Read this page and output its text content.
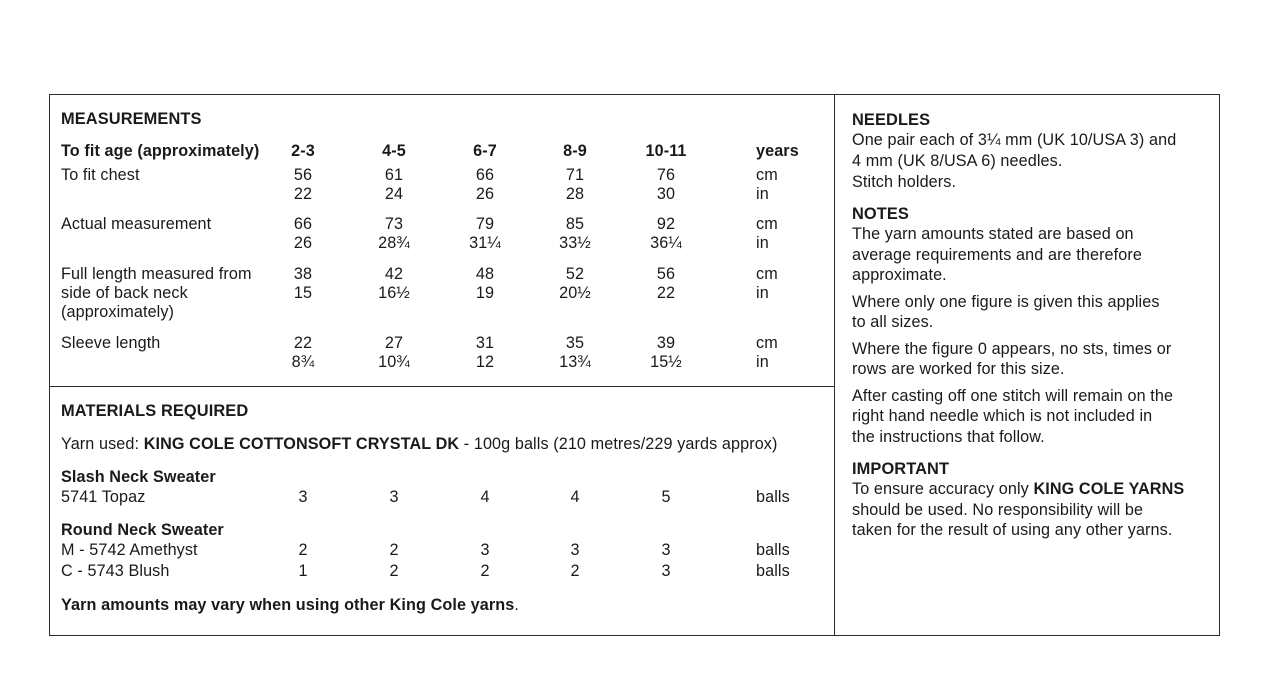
MEASUREMENTS
To fit age (approximately) 2-3	4-5	6-7	8-9	10-11	years
To fit chest	56	61	66	71	76	cm
22	24	26	28	30	in
Actual measurement	66	73	79	85	92	cm
26	28¾	31¼	33½	36¼	in
Full length measured from
side of back neck
(approximately)
38	42	48	52	56	cm
15	16½	19	20½	22	in
Sleeve length	22	27	31	35	39	cm
8¾	10¾	12	13¾	15½	in
MATERIALS REQUIRED
Yarn used: KING COLE COTTONSOFT CRYSTAL DK - 100g balls (210 metres/229 yards approx)
Slash Neck Sweater
5741 Topaz	3	3	4	4	5	balls
Round Neck Sweater
M - 5742 Amethyst	2	2	3	3	3	balls
C - 5743 Blush	1	2	2	2	3	balls
Yarn amounts may vary when using other King Cole yarns.
NEEDLES
One pair each of 3¼ mm (UK 10/USA 3) and
4 mm (UK 8/USA 6) needles.
Stitch holders.
NOTES
The yarn amounts stated are based on
average requirements and are therefore
approximate.
Where only one figure is given this applies
to all sizes.
Where the figure 0 appears, no sts, times or
rows are worked for this size.
After casting off one stitch will remain on the
right hand needle which is not included in
the instructions that follow.
IMPORTANT
To ensure accuracy only KING COLE YARNS
should be used. No responsibility will be
taken for the result of using any other yarns.
